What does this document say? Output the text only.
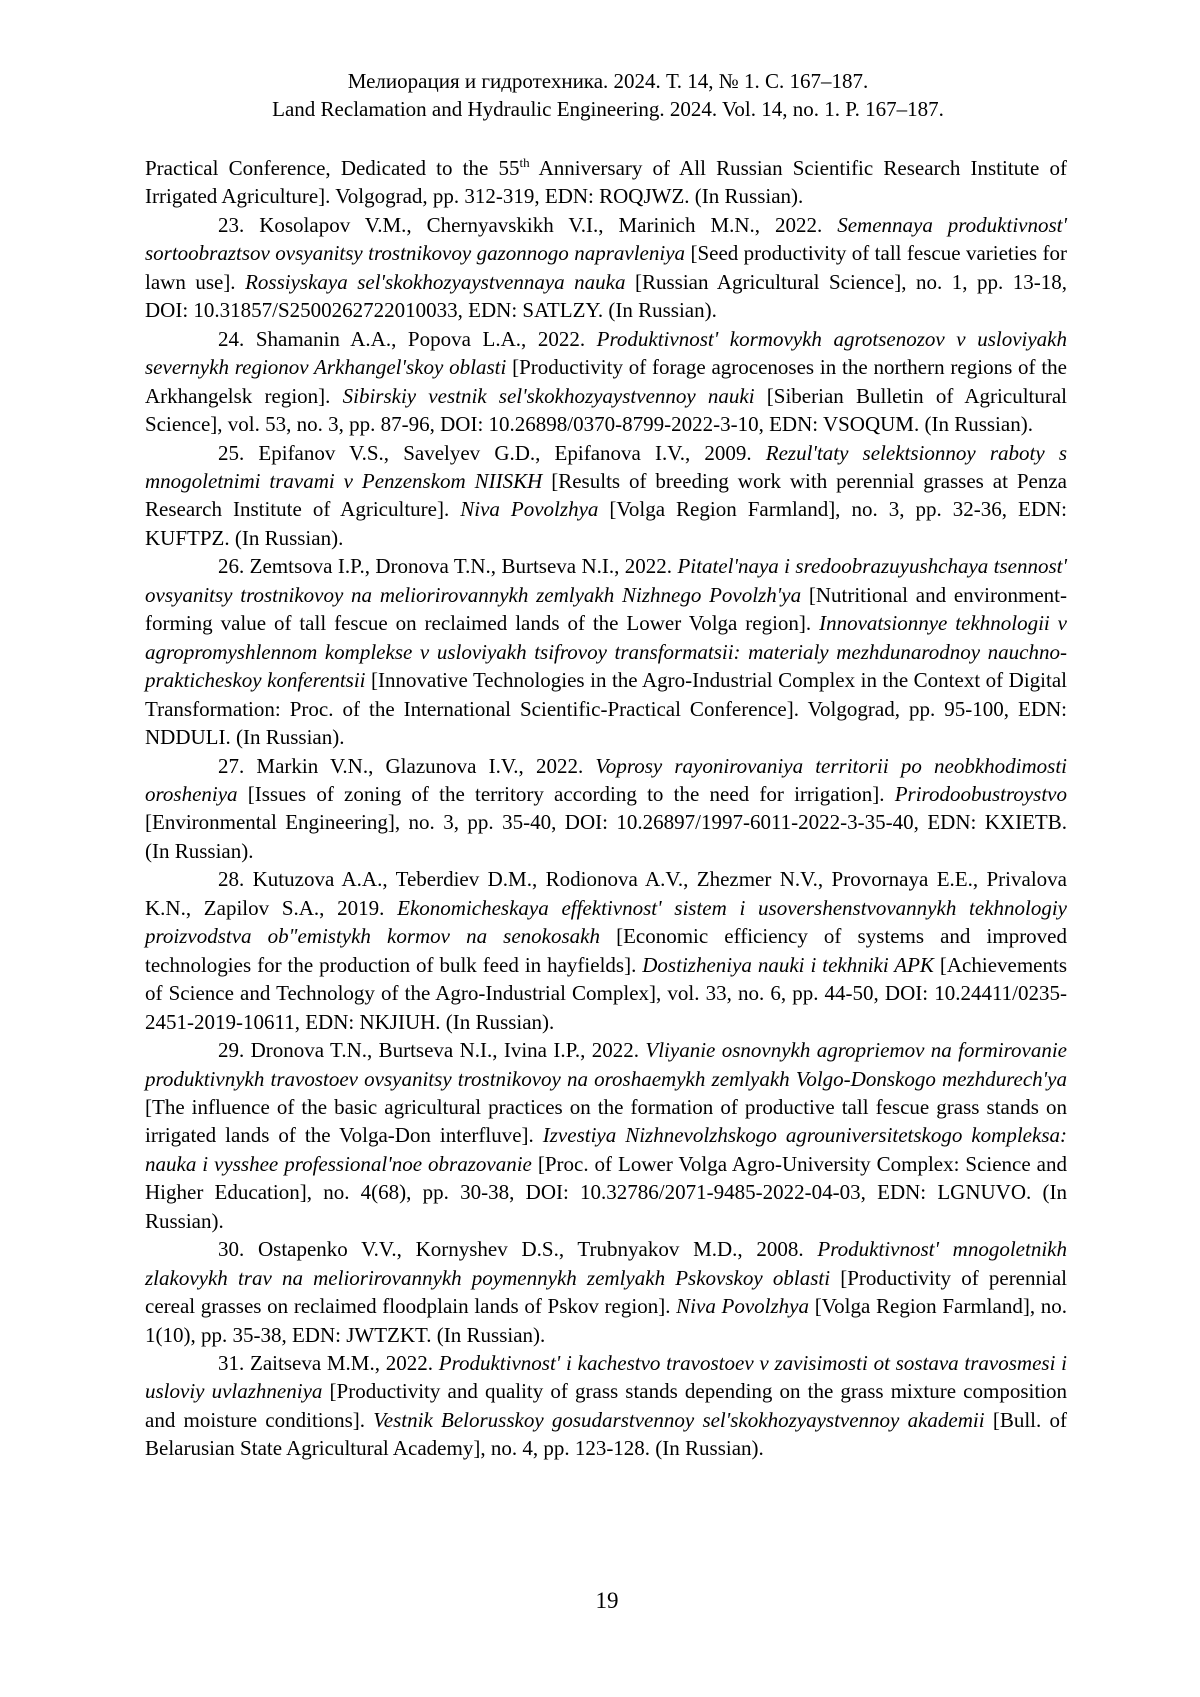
Мелиорация и гидротехника. 2024. Т. 14, № 1. С. 167–187.
Land Reclamation and Hydraulic Engineering. 2024. Vol. 14, no. 1. P. 167–187.

Practical Conference, Dedicated to the 55th Anniversary of All Russian Scientific Research Institute of Irrigated Agriculture]. Volgograd, pp. 312-319, EDN: ROQJWZ. (In Russian).

23. Kosolapov V.M., Chernyavskikh V.I., Marinich M.N., 2022. Semennaya produktivnost' sortoobraztsov ovsyanitsy trostnikovoy gazonnogo napravleniya [Seed productivity of tall fescue varieties for lawn use]. Rossiyskaya sel'skokhozyaystvennaya nauka [Russian Agricultural Science], no. 1, pp. 13-18, DOI: 10.31857/S2500262722010033, EDN: SATLZY. (In Russian).

24. Shamanin A.A., Popova L.A., 2022. Produktivnost' kormovykh agrotsenozov v usloviyakh severnykh regionov Arkhangel'skoy oblasti [Productivity of forage agrocenoses in the northern regions of the Arkhangelsk region]. Sibirskiy vestnik sel'skokhozyaystvennoy nauki [Siberian Bulletin of Agricultural Science], vol. 53, no. 3, pp. 87-96, DOI: 10.26898/0370-8799-2022-3-10, EDN: VSOQUM. (In Russian).

25. Epifanov V.S., Savelyev G.D., Epifanova I.V., 2009. Rezul'taty selektsionnoy raboty s mnogoletnimi travami v Penzenskom NIISKH [Results of breeding work with perennial grasses at Penza Research Institute of Agriculture]. Niva Povolzhya [Volga Region Farmland], no. 3, pp. 32-36, EDN: KUFTPZ. (In Russian).

26. Zemtsova I.P., Dronova T.N., Burtseva N.I., 2022. Pitatel'naya i sredoobrazuyushchaya tsennost' ovsyanitsy trostnikovoy na meliorirovannykh zemlyakh Nizhnego Povolzh'ya [Nutritional and environment-forming value of tall fescue on reclaimed lands of the Lower Volga region]. Innovatsionnye tekhnologii v agropromyshlennom komplekse v usloviyakh tsifrovoy transformatsii: materialy mezhdunarodnoy nauchno-prakticheskoy konferentsii [Innovative Technologies in the Agro-Industrial Complex in the Context of Digital Transformation: Proc. of the International Scientific-Practical Conference]. Volgograd, pp. 95-100, EDN: NDDULI. (In Russian).

27. Markin V.N., Glazunova I.V., 2022. Voprosy rayonirovaniya territorii po neobkhodimosti orosheniya [Issues of zoning of the territory according to the need for irrigation]. Prirodoobustroystvo [Environmental Engineering], no. 3, pp. 35-40, DOI: 10.26897/1997-6011-2022-3-35-40, EDN: KXIETB. (In Russian).

28. Kutuzova A.A., Teberdiev D.M., Rodionova A.V., Zhezmer N.V., Provornaya E.E., Privalova K.N., Zapilov S.A., 2019. Ekonomicheskaya effektivnost' sistem i usovershenstvovannykh tekhnologiy proizvodstva ob"emistykh kormov na senokosakh [Economic efficiency of systems and improved technologies for the production of bulk feed in hayfields]. Dostizheniya nauki i tekhniki APK [Achievements of Science and Technology of the Agro-Industrial Complex], vol. 33, no. 6, pp. 44-50, DOI: 10.24411/0235-2451-2019-10611, EDN: NKJIUH. (In Russian).

29. Dronova T.N., Burtseva N.I., Ivina I.P., 2022. Vliyanie osnovnykh agropriemov na formirovanie produktivnykh travostoev ovsyanitsy trostnikovoy na oroshaemykh zemlyakh Volgo-Donskogo mezhdurech'ya [The influence of the basic agricultural practices on the formation of productive tall fescue grass stands on irrigated lands of the Volga-Don interfluve]. Izvestiya Nizhnevolzhskogo agrouniversitetskogo kompleksa: nauka i vysshee professional'noe obrazovanie [Proc. of Lower Volga Agro-University Complex: Science and Higher Education], no. 4(68), pp. 30-38, DOI: 10.32786/2071-9485-2022-04-03, EDN: LGNUVO. (In Russian).

30. Ostapenko V.V., Kornyshev D.S., Trubnyakov M.D., 2008. Produktivnost' mnogoletnikh zlakovykh trav na meliorirovannykh poymennykh zemlyakh Pskovskoy oblasti [Productivity of perennial cereal grasses on reclaimed floodplain lands of Pskov region]. Niva Povolzhya [Volga Region Farmland], no. 1(10), pp. 35-38, EDN: JWTZKT. (In Russian).

31. Zaitseva M.M., 2022. Produktivnost' i kachestvo travostoev v zavisimosti ot sostava travosmesi i usloviy uvlazhneniya [Productivity and quality of grass stands depending on the grass mixture composition and moisture conditions]. Vestnik Belorusskoy gosudarstvennoy sel'skokhozyaystvennoy akademii [Bull. of Belarusian State Agricultural Academy], no. 4, pp. 123-128. (In Russian).

19
